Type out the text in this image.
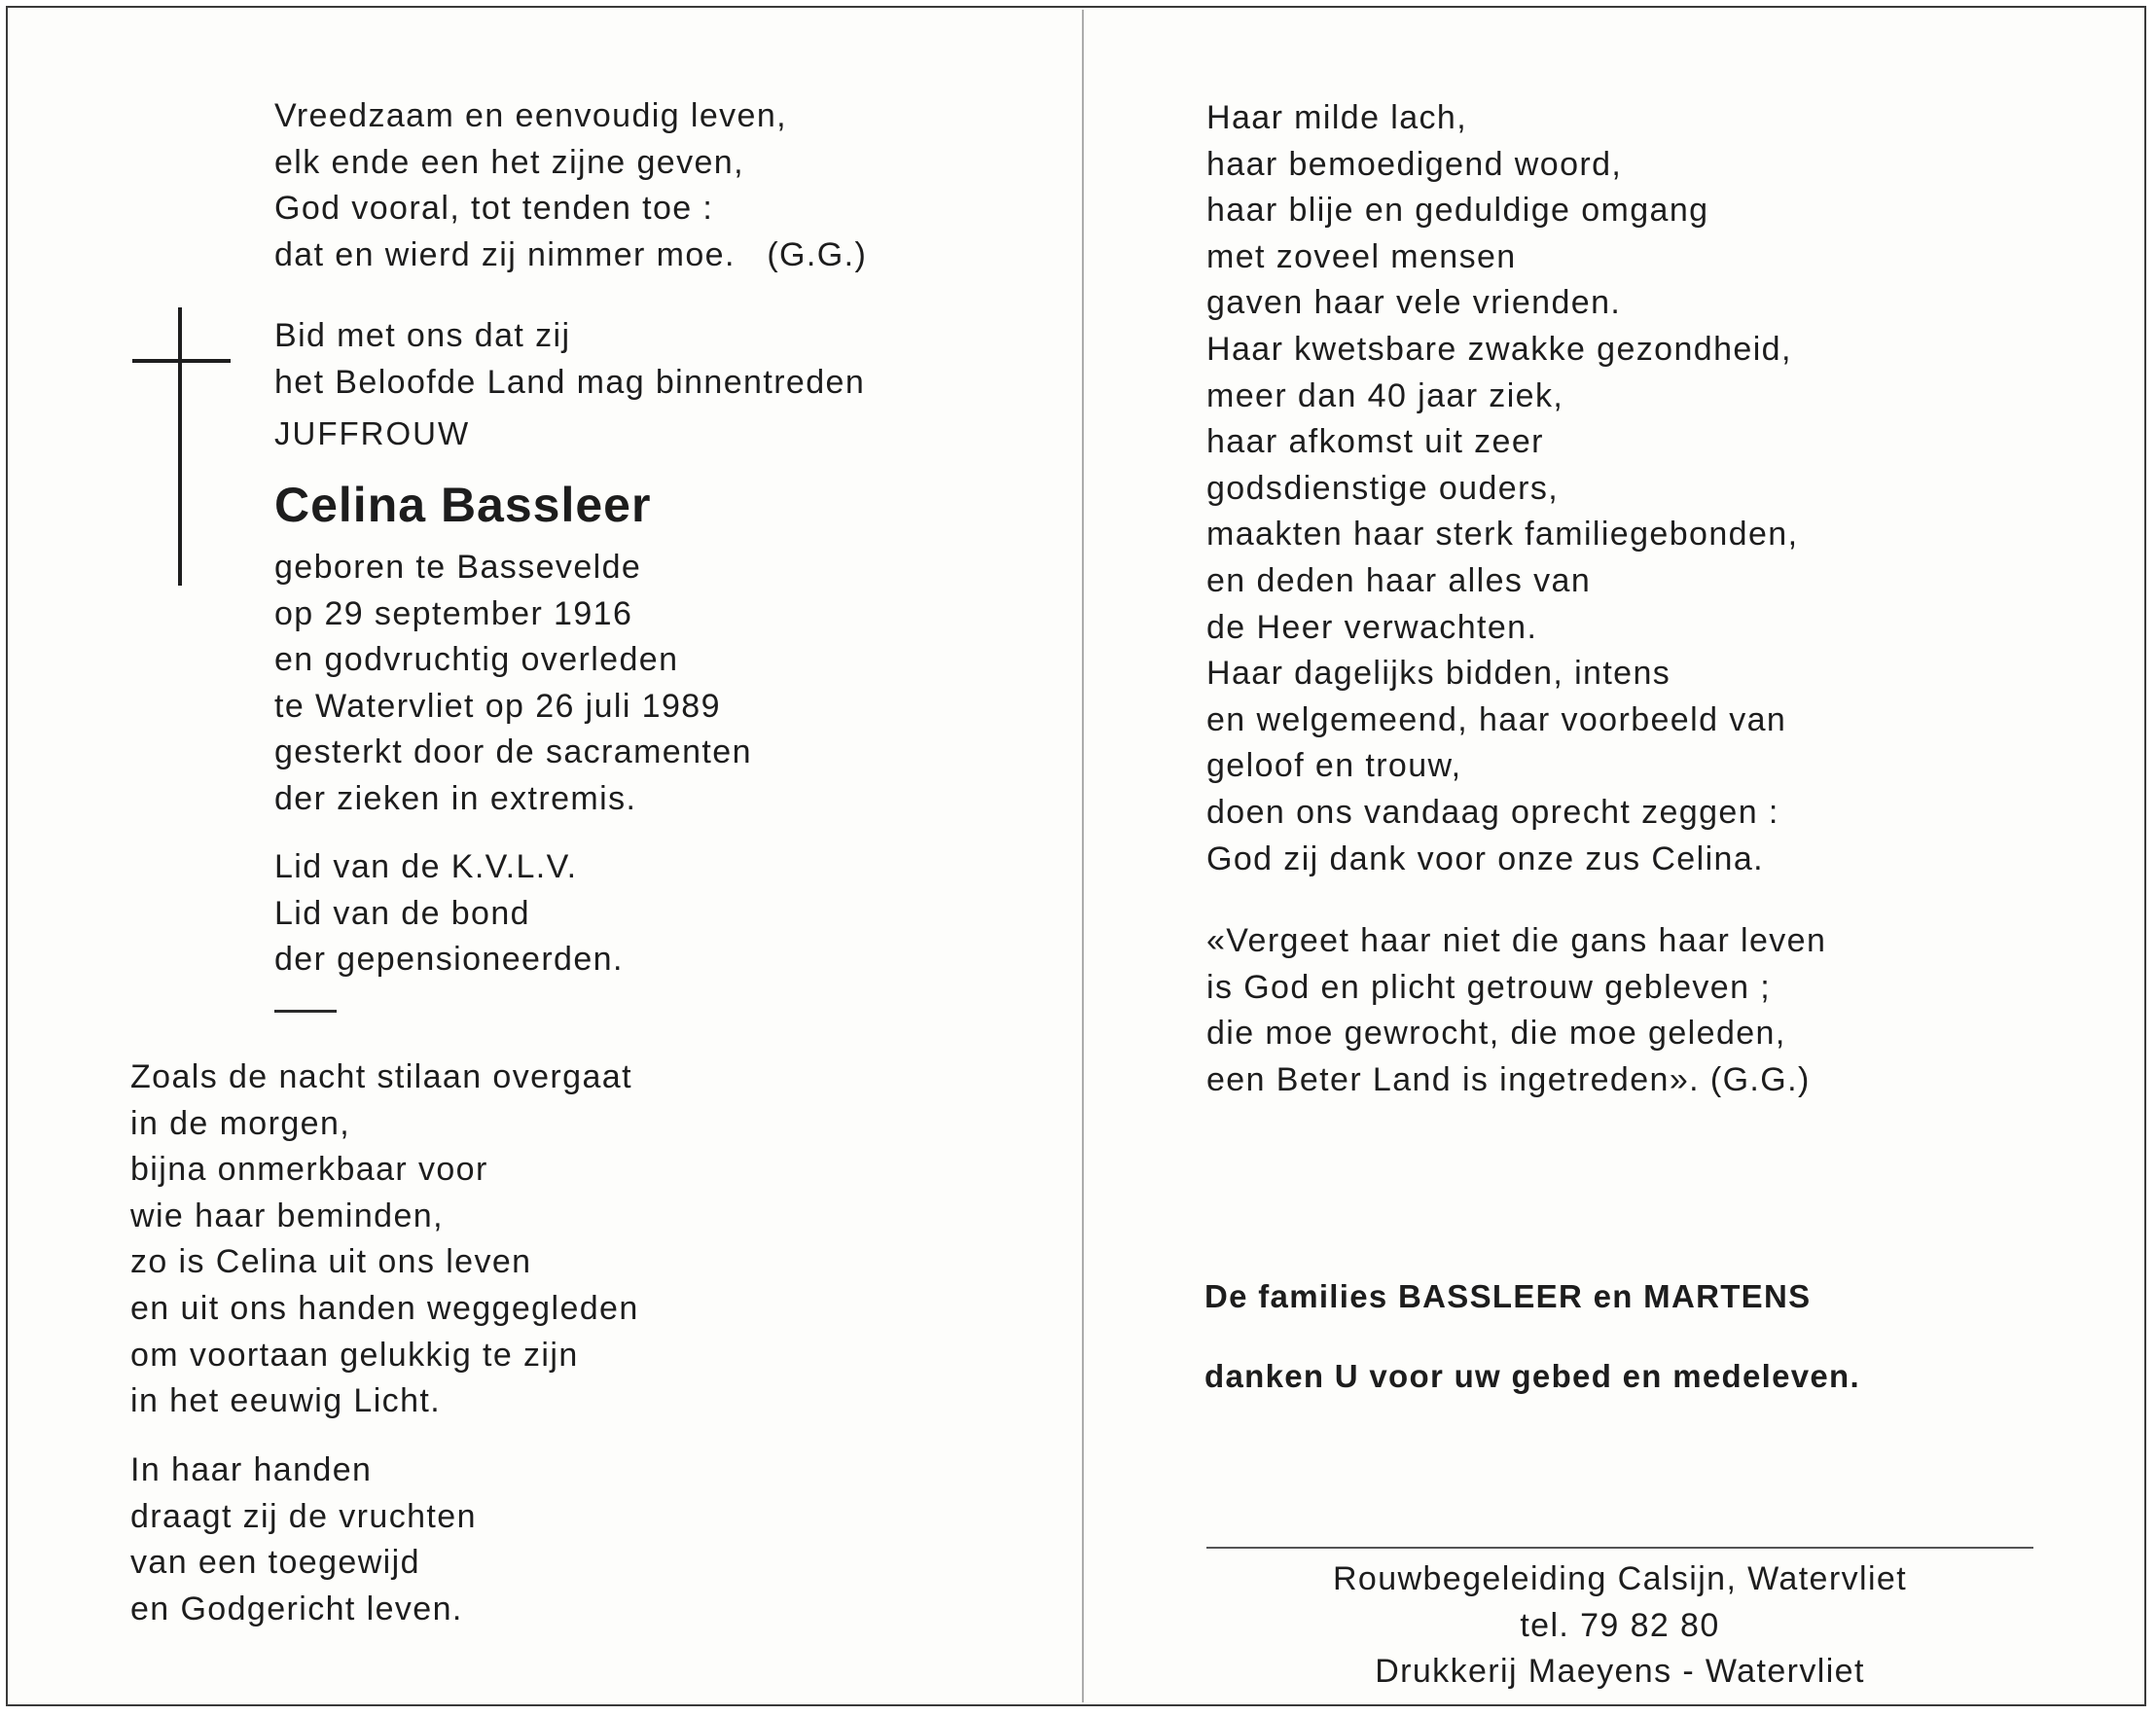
Vreedzaam en eenvoudig leven,
elk ende een het zijne geven,
God vooral, tot tenden toe :
dat en wierd zij nimmer moe.   (G.G.)
Bid met ons dat zij
het Beloofde Land mag binnentreden
JUFFROUW
Celina Bassleer
geboren te Bassevelde
op 29 september 1916
en godvruchtig overleden
te Watervliet op 26 juli 1989
gesterkt door de sacramenten
der zieken in extremis.
Lid van de K.V.L.V.
Lid van de bond
der gepensioneerden.
Zoals de nacht stilaan overgaat
in de morgen,
bijna onmerkbaar voor
wie haar beminden,
zo is Celina uit ons leven
en uit ons handen weggegleden
om voortaan gelukkig te zijn
in het eeuwig Licht.
In haar handen
draagt zij de vruchten
van een toegewijd
en Godgericht leven.
Haar milde lach,
haar bemoedigend woord,
haar blije en geduldige omgang
met zoveel mensen
gaven haar vele vrienden.
Haar kwetsbare zwakke gezondheid,
meer dan 40 jaar ziek,
haar afkomst uit zeer
godsdienstige ouders,
maakten haar sterk familiegebonden,
en deden haar alles van
de Heer verwachten.
Haar dagelijks bidden, intens
en welgemeend, haar voorbeeld van
geloof en trouw,
doen ons vandaag oprecht zeggen :
God zij dank voor onze zus Celina.
«Vergeet haar niet die gans haar leven
is God en plicht getrouw gebleven ;
die moe gewrocht, die moe geleden,
een Beter Land is ingetreden». (G.G.)
De families BASSLEER en MARTENS
danken U voor uw gebed en medeleven.
Rouwbegeleiding Calsijn, Watervliet
tel. 79 82 80
Drukkerij Maeyens - Watervliet
